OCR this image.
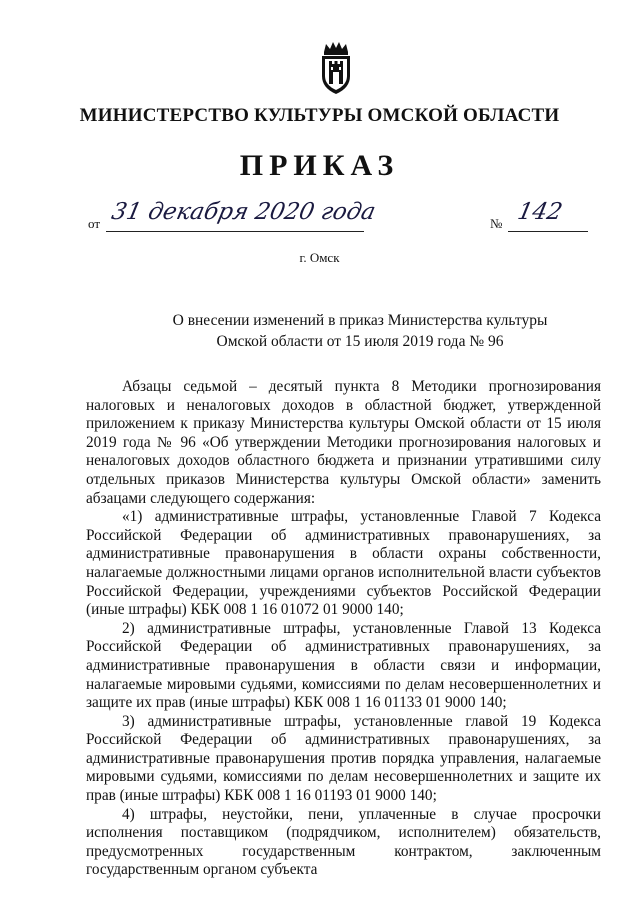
МИНИСТЕРСТВО КУЛЬТУРЫ ОМСКОЙ ОБЛАСТИ
ПРИКАЗ
от 31 декабря 2020 года	№ 142
г. Омск
О внесении изменений в приказ Министерства культуры
Омской области от 15 июля 2019 года № 96

Абзацы седьмой – десятый пункта 8 Методики прогнозирования налоговых и неналоговых доходов в областной бюджет, утвержденной приложением к приказу Министерства культуры Омской области от 15 июля 2019 года № 96 «Об утверждении Методики прогнозирования налоговых и неналоговых доходов областного бюджета и признании утратившими силу отдельных приказов Министерства культуры Омской области» заменить абзацами следующего содержания:

«1) административные штрафы, установленные Главой 7 Кодекса Российской Федерации об административных правонарушениях, за административные правонарушения в области охраны собственности, налагаемые должностными лицами органов исполнительной власти субъектов Российской Федерации, учреждениями субъектов Российской Федерации (иные штрафы) КБК 008 1 16 01072 01 9000 140;

2) административные штрафы, установленные Главой 13 Кодекса Российской Федерации об административных правонарушениях, за административные правонарушения в области связи и информации, налагаемые мировыми судьями, комиссиями по делам несовершеннолетних и защите их прав (иные штрафы) КБК 008 1 16 01133 01 9000 140;

3) административные штрафы, установленные главой 19 Кодекса Российской Федерации об административных правонарушениях, за административные правонарушения против порядка управления, налагаемые мировыми судьями, комиссиями по делам несовершеннолетних и защите их прав (иные штрафы) КБК 008 1 16 01193 01 9000 140;

4) штрафы, неустойки, пени, уплаченные в случае просрочки исполнения поставщиком (подрядчиком, исполнителем) обязательств, предусмотренных государственным контрактом, заключенным государственным органом субъекта
